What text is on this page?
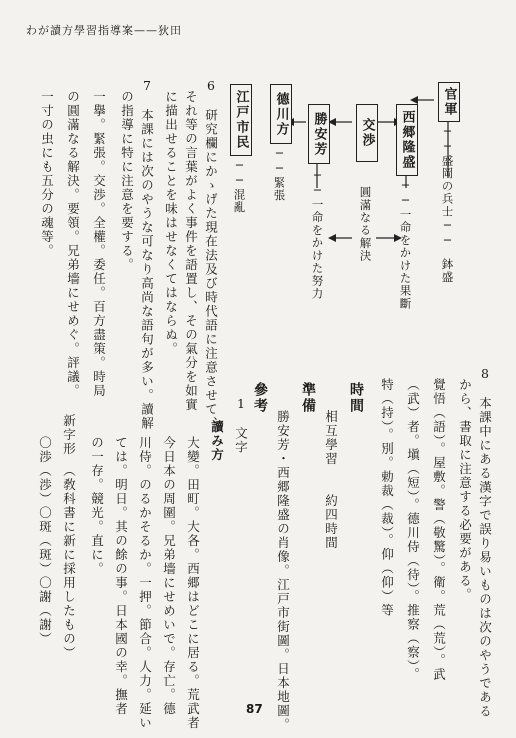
わが讀方學習指導案——狄田
官軍
──盛岡の兵士──
鉢盛
西郷隆盛
──一命をかけた果斷
交渉
圓滿なる解決
勝安芳
──一命をかけた努力
德川方
──緊張
江戸市民
──混亂
6　研究欄にかゝげた現在法及び時代語に注意させて、
それ等の言葉がよく事件を語置し、その氣分を如實
に描出せることを味はせなくてはならぬ。
7　本課には次のやうな可なり高尚な語句が多い。讀解
の指導に特に注意を要する。
一擧。緊張。交渉。全權。委任。百方盡策。時局
の圓滿なる解決。要領。兄弟墻にせめぐ。評議。
一寸の虫にも五分の魂等。
8　本課中にある漢字で誤り易いものは次のやうである
から、書取に注意する必要がある。
覺悟（語）。屋敷。警（敬驚）。衛。荒（荒）。武
（武）者。塡（短）。德川侍（待）。推察（察）。
特（持）。別。勅裁（裁）。仰（仰）等
時間
相互學習　　約四時間
準備
勝安芳・西郷隆盛の肖像。江戸市街圖。日本地圖。
參考
1　文字
讀み方
大變。田町。大各。西郷はどこに居る。荒武者
今日本の周圍。兄弟墻にせめいで。存亡。德
川侍。のるかそるか。一押。節合。人力。延い
ては。明日。其の餘の事。日本國の幸。撫者
の一存。競光。直に。
新字形　（敎科書に新に採用したもの）
〇渉（渉）〇斑（斑）〇謝（謝）
87
